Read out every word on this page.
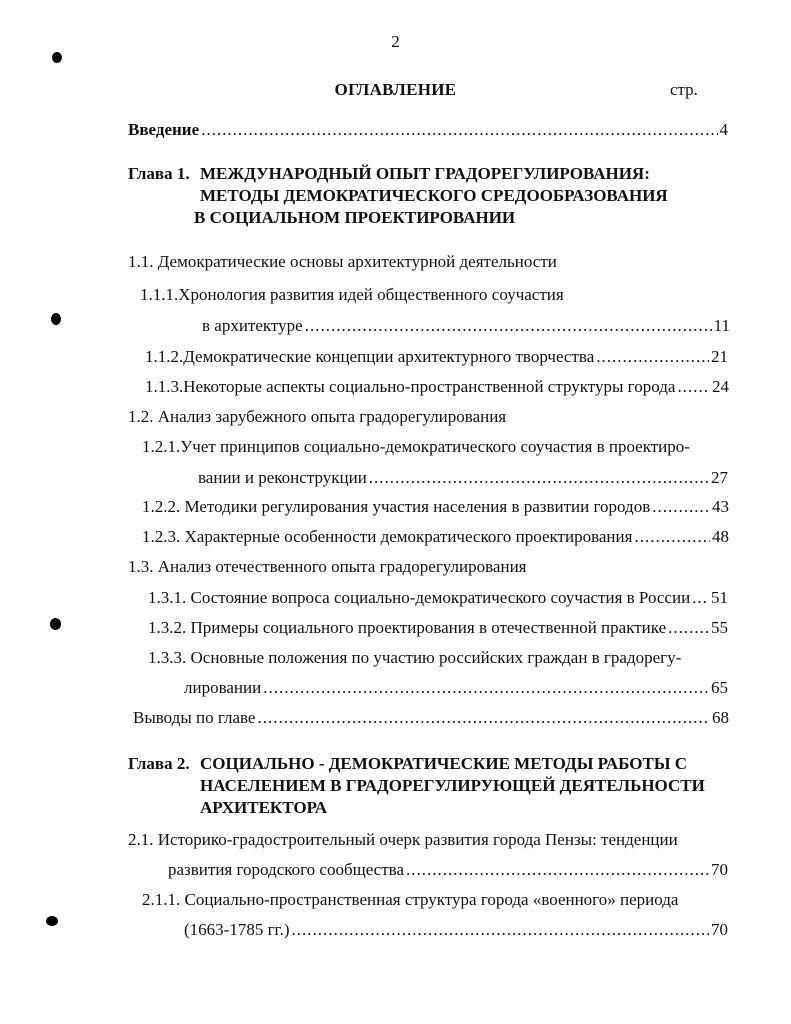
2
ОГЛАВЛЕНИЕ	стр.
Введение .....	4
Глава 1. МЕЖДУНАРОДНЫЙ ОПЫТ ГРАДОРЕГУЛИРОВАНИЯ:
МЕТОДЫ ДЕМОКРАТИЧЕСКОГО СРЕДООБРАЗОВАНИЯ
В СОЦИАЛЬНОМ ПРОЕКТИРОВАНИИ
1.1. Демократические основы архитектурной деятельности
1.1.1.Хронология развития идей общественного соучастия
в архитектуре .....	11
1.1.2.Демократические концепции архитектурного творчества .....	21
1.1.3.Некоторые аспекты социально-пространственной структуры города ..... 24
1.2. Анализ зарубежного опыта градорегулирования
1.2.1.Учет принципов социально-демократического соучастия в проектиро-
вании и реконструкции .....	27
1.2.2. Методики регулирования участия населения в развитии городов .....	43
1.2.3. Характерные особенности демократического проектирования .....	48
1.3. Анализ отечественного опыта градорегулирования
1.3.1. Состояние вопроса социально-демократического соучастия в России ..... 51
1.3.2. Примеры социального проектирования в отечественной практике .....	55
1.3.3. Основные положения по участию российских граждан в градорегу-
лировании .....	65
Выводы по главе .....	68
Глава 2. СОЦИАЛЬНО - ДЕМОКРАТИЧЕСКИЕ МЕТОДЫ РАБОТЫ С
НАСЕЛЕНИЕМ В ГРАДОРЕГУЛИРУЮЩЕЙ ДЕЯТЕЛЬНОСТИ
АРХИТЕКТОРА
2.1. Историко-градостроительный очерк развития города Пензы: тенденции
развития городского сообщества .....	70
2.1.1. Социально-пространственная структура города «военного» периода
(1663-1785 гг.) .....	70
